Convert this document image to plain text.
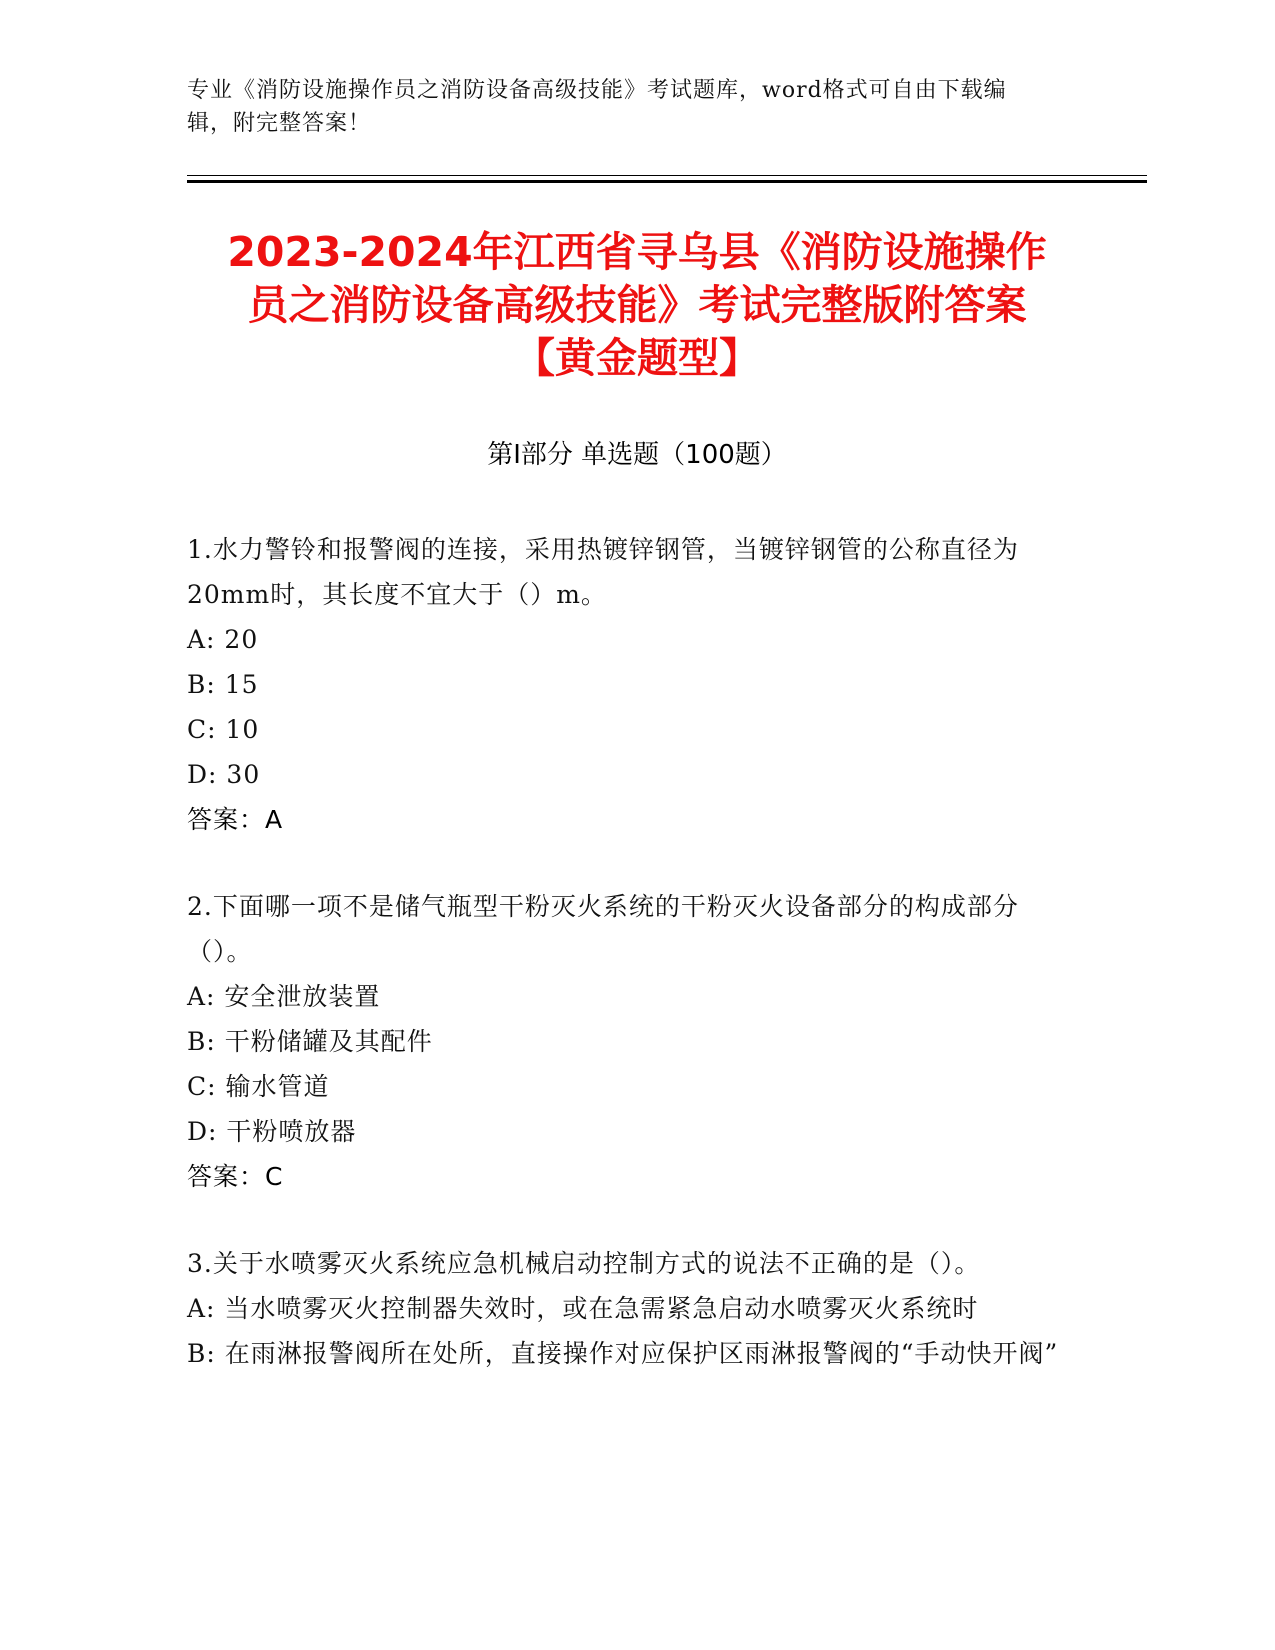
专业《消防设施操作员之消防设备高级技能》考试题库，word格式可自由下载编
辑，附完整答案！
2023-2024年江西省寻乌县《消防设施操作
员之消防设备高级技能》考试完整版附答案
【黄金题型】
第Ⅰ部分 单选题（100题）
1.水力警铃和报警阀的连接，采用热镀锌钢管，当镀锌钢管的公称直径为20mm时，其长度不宜大于（）m。
A: 20
B: 15
C: 10
D: 30
答案：A
2.下面哪一项不是储气瓶型干粉灭火系统的干粉灭火设备部分的构成部分（）。
A: 安全泄放装置
B: 干粉储罐及其配件
C: 输水管道
D: 干粉喷放器
答案：C
3.关于水喷雾灭火系统应急机械启动控制方式的说法不正确的是（）。
A: 当水喷雾灭火控制器失效时，或在急需紧急启动水喷雾灭火系统时
B: 在雨淋报警阀所在处所，直接操作对应保护区雨淋报警阀的“手动快开阀”
